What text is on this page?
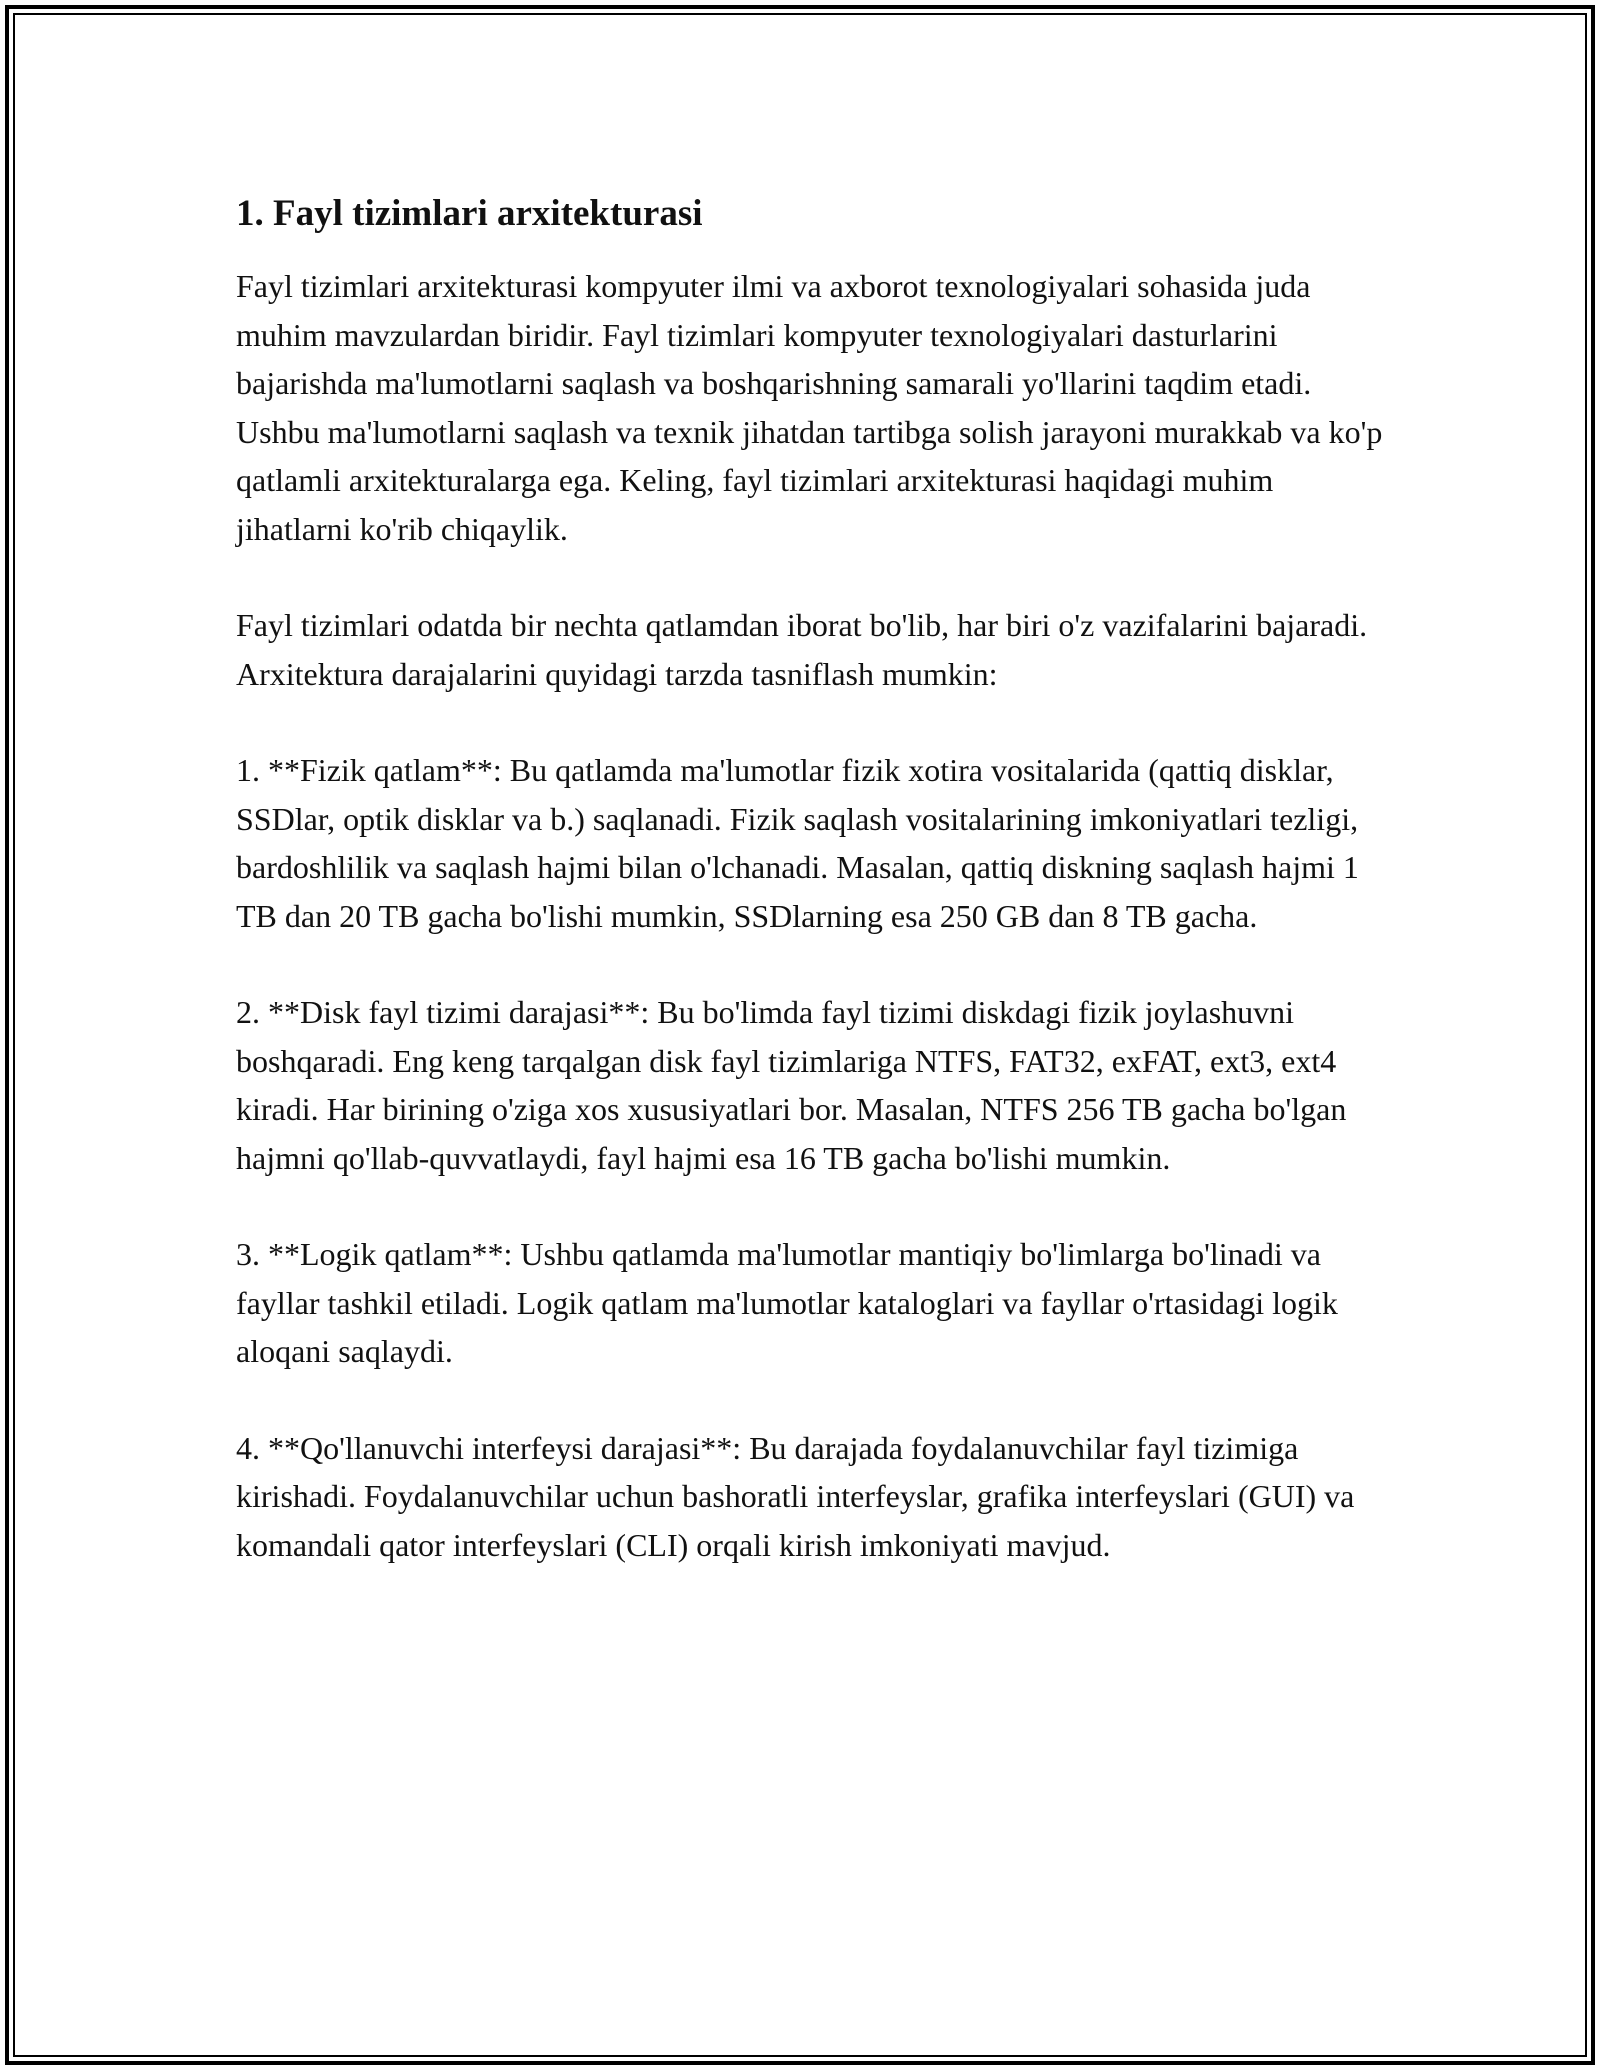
1. Fayl tizimlari arxitekturasi

Fayl tizimlari arxitekturasi kompyuter ilmi va axborot texnologiyalari sohasida juda muhim mavzulardan biridir. Fayl tizimlari kompyuter texnologiyalari dasturlarini bajarishda ma'lumotlarni saqlash va boshqarishning samarali yo'llarini taqdim etadi. Ushbu ma'lumotlarni saqlash va texnik jihatdan tartibga solish jarayoni murakkab va ko'p qatlamli arxitekturalarga ega. Keling, fayl tizimlari arxitekturasi haqidagi muhim jihatlarni ko'rib chiqaylik.

Fayl tizimlari odatda bir nechta qatlamdan iborat bo'lib, har biri o'z vazifalarini bajaradi. Arxitektura darajalarini quyidagi tarzda tasniflash mumkin:

1. **Fizik qatlam**: Bu qatlamda ma'lumotlar fizik xotira vositalarida (qattiq disklar, SSDlar, optik disklar va b.) saqlanadi. Fizik saqlash vositalarining imkoniyatlari tezligi, bardoshlilik va saqlash hajmi bilan o'lchanadi. Masalan, qattiq diskning saqlash hajmi 1 TB dan 20 TB gacha bo'lishi mumkin, SSDlarning esa 250 GB dan 8 TB gacha.

2. **Disk fayl tizimi darajasi**: Bu bo'limda fayl tizimi diskdagi fizik joylashuvni boshqaradi. Eng keng tarqalgan disk fayl tizimlariga NTFS, FAT32, exFAT, ext3, ext4 kiradi. Har birining o'ziga xos xususiyatlari bor. Masalan, NTFS 256 TB gacha bo'lgan hajmni qo'llab-quvvatlaydi, fayl hajmi esa 16 TB gacha bo'lishi mumkin.

3. **Logik qatlam**: Ushbu qatlamda ma'lumotlar mantiqiy bo'limlarga bo'linadi va fayllar tashkil etiladi. Logik qatlam ma'lumotlar kataloglari va fayllar o'rtasidagi logik aloqani saqlaydi.

4. **Qo'llanuvchi interfeysi darajasi**: Bu darajada foydalanuvchilar fayl tizimiga kirishadi. Foydalanuvchilar uchun bashoratli interfeyslar, grafika interfeyslari (GUI) va komandali qator interfeyslari (CLI) orqali kirish imkoniyati mavjud.
